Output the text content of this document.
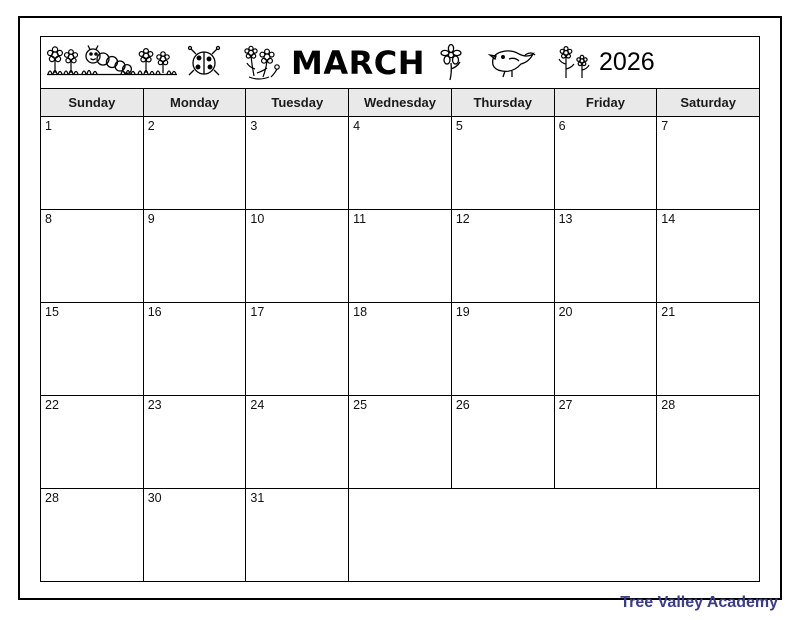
MARCH	2026
Sunday	Monday	Tuesday	Wednesday	Thursday	Friday	Saturday
1	2	3	4	5	6	7
8	9	10	11	12	13	14
15	16	17	18	19	20	21
22	23	24	25	26	27	28
28	30	31
Tree Valley Academy
